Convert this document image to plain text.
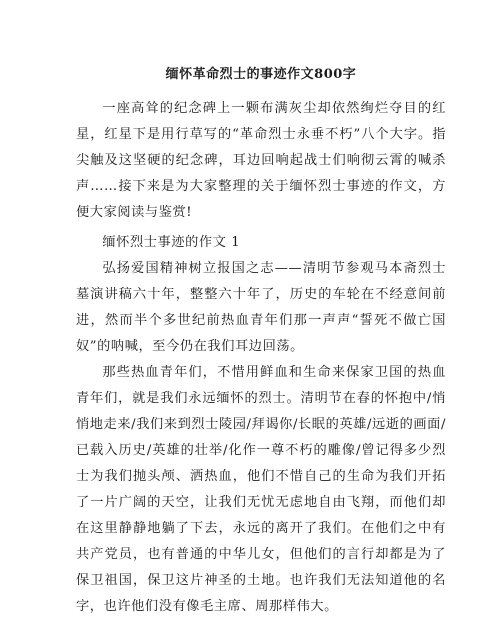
缅怀革命烈士的事迹作文800字

一座高耸的纪念碑上一颗布满灰尘却依然绚烂夺目的红星，红星下是用行草写的“革命烈士永垂不朽”八个大字。指尖触及这坚硬的纪念碑，耳边回响起战士们响彻云霄的喊杀声……接下来是为大家整理的关于缅怀烈士事迹的作文，方便大家阅读与鉴赏!

缅怀烈士事迹的作文 1

弘扬爱国精神树立报国之志——清明节参观马本斋烈士墓演讲稿六十年，整整六十年了，历史的车轮在不经意间前进，然而半个多世纪前热血青年们那一声声“誓死不做亡国奴”的呐喊，至今仍在我们耳边回荡。

那些热血青年们，不惜用鲜血和生命来保家卫国的热血青年们，就是我们永远缅怀的烈士。清明节在春的怀抱中/悄悄地走来/我们来到烈士陵园/拜谒你/长眠的英雄/远逝的画面/已载入历史/英雄的壮举/化作一尊不朽的雕像/曾记得多少烈士为我们抛头颅、洒热血，他们不惜自己的生命为我们开拓了一片广阔的天空，让我们无忧无虑地自由飞翔，而他们却在这里静静地躺了下去，永远的离开了我们。在他们之中有共产党员，也有普通的中华儿女，但他们的言行却都是为了保卫祖国，保卫这片神圣的土地。也许我们无法知道他的名字，也许他们没有像毛主席、周那样伟大。
